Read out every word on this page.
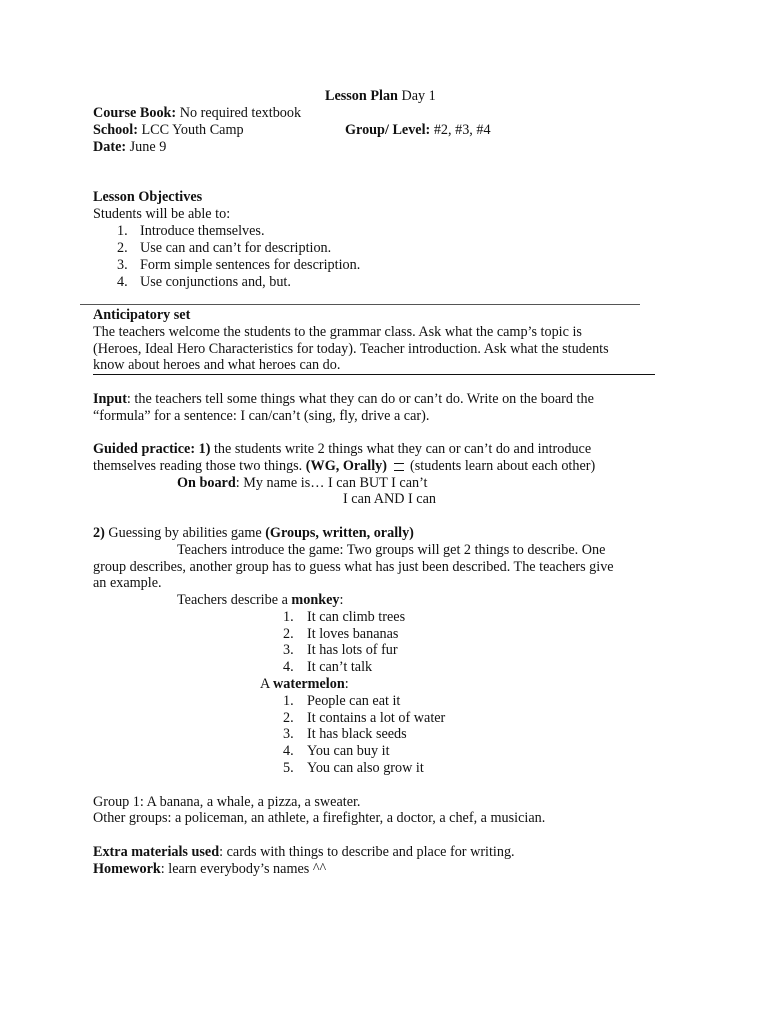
Lesson Plan Day 1
Course Book: No required textbook
School: LCC Youth Camp	Group/ Level: #2, #3, #4
Date: June 9
Lesson Objectives
Students will be able to:
1. Introduce themselves.
2. Use can and can’t for description.
3. Form simple sentences for description.
4. Use conjunctions and, but.
Anticipatory set
The teachers welcome the students to the grammar class. Ask what the camp’s topic is
(Heroes, Ideal Hero Characteristics for today). Teacher introduction. Ask what the students
know about heroes and what heroes can do.
Input: the teachers tell some things what they can do or can’t do. Write on the board the
“formula” for a sentence: I can/can’t (sing, fly, drive a car).
Guided practice: 1) the students write 2 things what they can or can’t do and introduce
themselves reading those two things. (WG, Orally)  (students learn about each other)
On board: My name is… I can BUT I can’t
I can AND I can
2) Guessing by abilities game (Groups, written, orally)
Teachers introduce the game: Two groups will get 2 things to describe. One
group describes, another group has to guess what has just been described. The teachers give
an example.
Teachers describe a monkey:
1. It can climb trees
2. It loves bananas
3. It has lots of fur
4. It can’t talk
A watermelon:
1. People can eat it
2. It contains a lot of water
3. It has black seeds
4. You can buy it
5. You can also grow it
Group 1: A banana, a whale, a pizza, a sweater.
Other groups: a policeman, an athlete, a firefighter, a doctor, a chef, a musician.
Extra materials used: cards with things to describe and place for writing.
Homework: learn everybody’s names ^^
